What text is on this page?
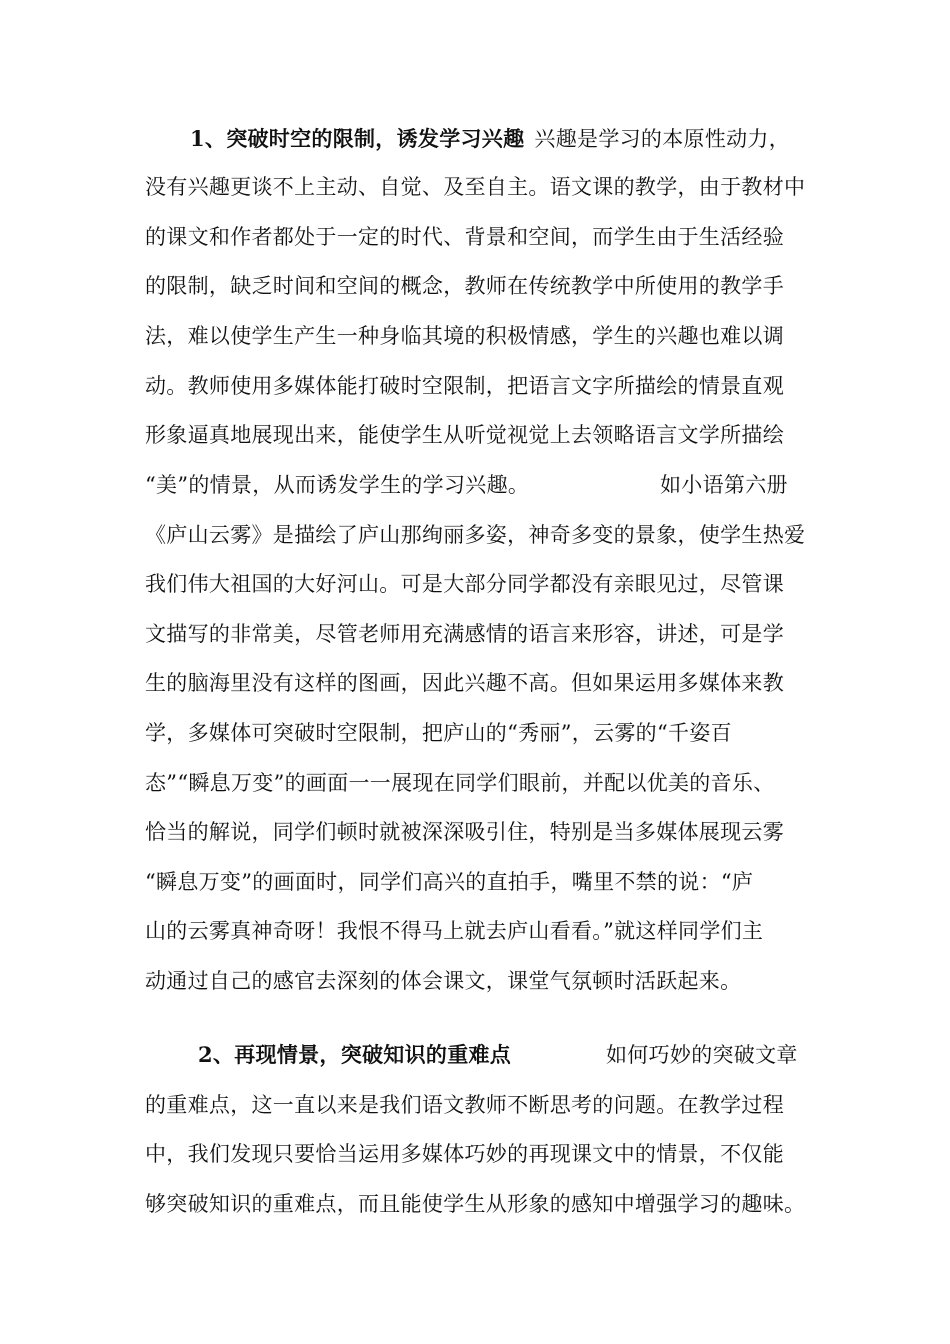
1、突破时空的限制，诱发学习兴趣 兴趣是学习的本原性动力，
没有兴趣更谈不上主动、自觉、及至自主。语文课的教学，由于教材中
的课文和作者都处于一定的时代、背景和空间，而学生由于生活经验
的限制，缺乏时间和空间的概念，教师在传统教学中所使用的教学手
法，难以使学生产生一种身临其境的积极情感，学生的兴趣也难以调
动。教师使用多媒体能打破时空限制，把语言文字所描绘的情景直观
形象逼真地展现出来，能使学生从听觉视觉上去领略语言文学所描绘
“美”的情景，从而诱发学生的学习兴趣。	如小语第六册
《庐山云雾》是描绘了庐山那绚丽多姿，神奇多变的景象，使学生热爱
我们伟大祖国的大好河山。可是大部分同学都没有亲眼见过，尽管课
文描写的非常美，尽管老师用充满感情的语言来形容，讲述，可是学
生的脑海里没有这样的图画，因此兴趣不高。但如果运用多媒体来教
学，多媒体可突破时空限制，把庐山的“秀丽”，云雾的“千姿百
态”“瞬息万变”的画面一一展现在同学们眼前，并配以优美的音乐、
恰当的解说，同学们顿时就被深深吸引住，特别是当多媒体展现云雾
“瞬息万变”的画面时，同学们高兴的直拍手，嘴里不禁的说：“庐
山的云雾真神奇呀！我恨不得马上就去庐山看看。”就这样同学们主
动通过自己的感官去深刻的体会课文，课堂气氛顿时活跃起来。
2、再现情景，突破知识的重难点	如何巧妙的突破文章
的重难点，这一直以来是我们语文教师不断思考的问题。在教学过程
中，我们发现只要恰当运用多媒体巧妙的再现课文中的情景，不仅能
够突破知识的重难点，而且能使学生从形象的感知中增强学习的趣味。
